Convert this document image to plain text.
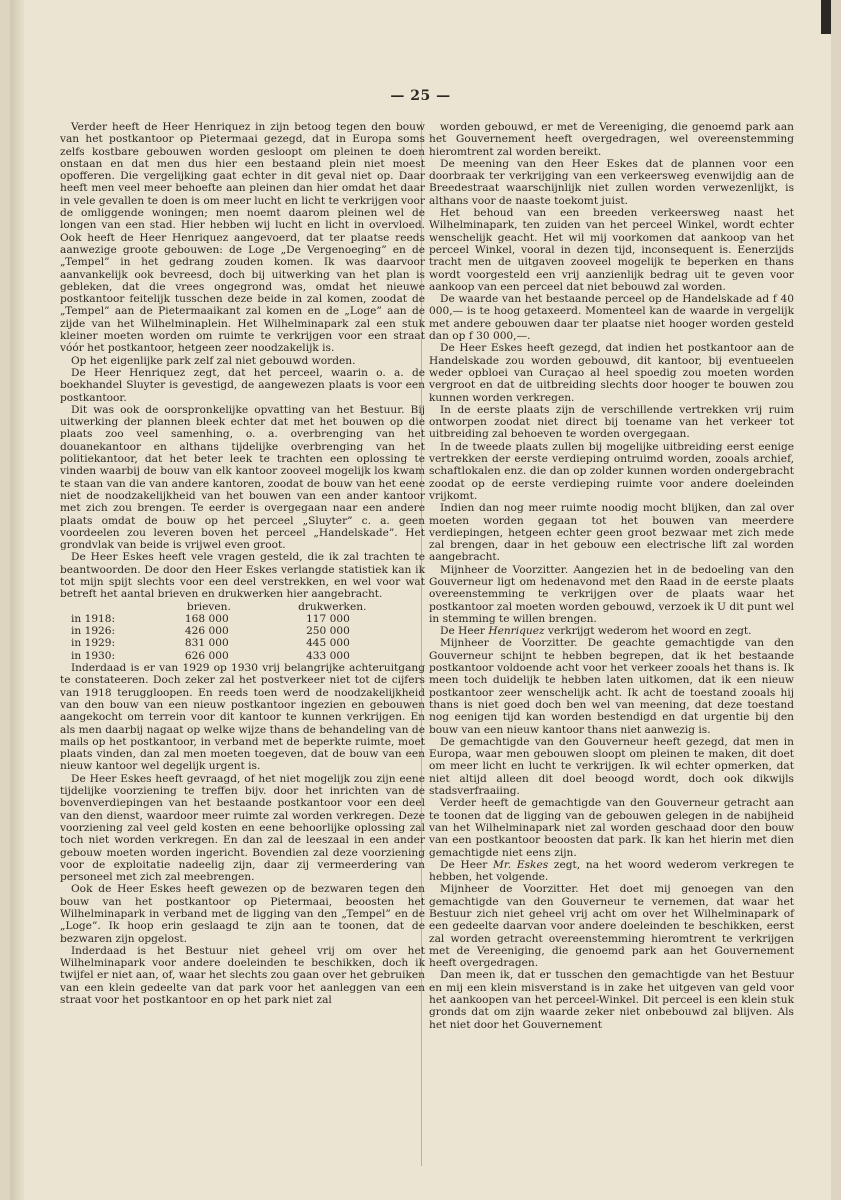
— 25 —

Verder heeft de Heer Henriquez in zijn betoog tegen den bouw van het postkantoor op Pietermaai gezegd, dat in Europa soms zelfs kostbare gebouwen worden gesloopt om pleinen te doen onstaan en dat men dus hier een bestaand plein niet moest opofferen. Die vergelijking gaat echter in dit geval niet op. Daar heeft men veel meer behoefte aan pleinen dan hier omdat het daar in vele gevallen te doen is om meer lucht en licht te verkrijgen voor de omliggende woningen; men noemt daarom pleinen wel de longen van een stad. Hier hebben wij lucht en licht in overvloed. Ook heeft de Heer Henriquez aangevoerd, dat ter plaatse reeds aanwezige groote gebouwen: de Loge „De Vergenoeging” en de „Tempel” in het gedrang zouden komen. Ik was daarvoor aanvankelijk ook bevreesd, doch bij uitwerking van het plan is gebleken, dat die vrees ongegrond was, omdat het nieuwe postkantoor feitelijk tusschen deze beide in zal komen, zoodat de „Tempel” aan de Pietermaaikant zal komen en de „Loge” aan de zijde van het Wilhelminaplein. Het Wilhelminapark zal een stuk kleiner moeten worden om ruimte te verkrijgen voor een straat vóór het postkantoor, hetgeen zeer noodzakelijk is.

Op het eigenlijke park zelf zal niet gebouwd worden.

De Heer Henriquez zegt, dat het perceel, waarin o. a. de boekhandel Sluyter is gevestigd, de aangewezen plaats is voor een postkantoor.

Dit was ook de oorspronkelijke opvatting van het Bestuur. Bij uitwerking der plannen bleek echter dat met het bouwen op die plaats zoo veel samenhing, o. a. overbrenging van het douanekantoor en althans tijdelijke overbrenging van het politiekantoor, dat het beter leek te trachten een oplossing te vinden waarbij de bouw van elk kantoor zooveel mogelijk los kwam te staan van die van andere kantoren, zoodat de bouw van het eene niet de noodzakelijkheid van het bouwen van een ander kantoor met zich zou brengen. Te eerder is overgegaan naar een andere plaats omdat de bouw op het perceel „Sluyter” c. a. geen voordeelen zou leveren boven het perceel „Handelskade”. Het grondvlak van beide is vrijwel even groot.

De Heer Eskes heeft vele vragen gesteld, die ik zal trachten te beantwoorden. De door den Heer Eskes verlangde statistiek kan ik tot mijn spijt slechts voor een deel verstrekken, en wel voor wat betreft het aantal brieven en drukwerken hier aangebracht.

	brieven.	drukwerken.
in 1918:	168 000	117 000
in 1926:	426 000	250 000
in 1929:	831 000	445 000
in 1930:	626 000	433 000

Inderdaad is er van 1929 op 1930 vrij belangrijke achteruitgang te constateeren. Doch zeker zal het postverkeer niet tot de cijfers van 1918 teruggloopen. En reeds toen werd de noodzakelijkheid van den bouw van een nieuw postkantoor ingezien en gebouwen aangekocht om terrein voor dit kantoor te kunnen verkrijgen. En als men daarbij nagaat op welke wijze thans de behandeling van de mails op het postkantoor, in verband met de beperkte ruimte, moet plaats vinden, dan zal men moeten toegeven, dat de bouw van een nieuw kantoor wel degelijk urgent is.

De Heer Eskes heeft gevraagd, of het niet mogelijk zou zijn eene tijdelijke voorziening te treffen bijv. door het inrichten van de bovenverdiepingen van het bestaande postkantoor voor een deel van den dienst, waardoor meer ruimte zal worden verkregen. Deze voorziening zal veel geld kosten en eene behoorlijke oplossing zal toch niet worden verkregen. En dan zal de leeszaal in een ander gebouw moeten worden ingericht. Bovendien zal deze voorziening voor de exploitatie nadeelig zijn, daar zij vermeerdering van personeel met zich zal meebrengen.

Ook de Heer Eskes heeft gewezen op de bezwaren tegen den bouw van het postkantoor op Pietermaai, beoosten het Wilhelminapark in verband met de ligging van den „Tempel” en de „Loge”. Ik hoop erin geslaagd te zijn aan te toonen, dat de bezwaren zijn opgelost.

Inderdaad is het Bestuur niet geheel vrij om over het Wilhelminapark voor andere doeleinden te beschikken, doch ik twijfel er niet aan, of, waar het slechts zou gaan over het gebruiken van een klein gedeelte van dat park voor het aanleggen van een straat voor het postkantoor en op het park niet zal

worden gebouwd, er met de Vereeniging, die genoemd park aan het Gouvernement heeft overgedragen, wel overeenstemming hieromtrent zal worden bereikt.

De meening van den Heer Eskes dat de plannen voor een doorbraak ter verkrijging van een verkeersweg evenwijdig aan de Breedestraat waarschijnlijk niet zullen worden verwezenlijkt, is althans voor de naaste toekomt juist.

Het behoud van een breeden verkeersweg naast het Wilhelminapark, ten zuiden van het perceel Winkel, wordt echter wenschelijk geacht. Het wil mij voorkomen dat aankoop van het perceel Winkel, vooral in dezen tijd, inconsequent is. Eenerzijds tracht men de uitgaven zooveel mogelijk te beperken en thans wordt voorgesteld een vrij aanzienlijk bedrag uit te geven voor aankoop van een perceel dat niet bebouwd zal worden.

De waarde van het bestaande perceel op de Handelskade ad f 40 000,— is te hoog getaxeerd. Momenteel kan de waarde in vergelijk met andere gebouwen daar ter plaatse niet hooger worden gesteld dan op f 30 000,—.

De Heer Eskes heeft gezegd, dat indien het postkantoor aan de Handelskade zou worden gebouwd, dit kantoor, bij eventueelen weder opbloei van Curaçao al heel spoedig zou moeten worden vergroot en dat de uitbreiding slechts door hooger te bouwen zou kunnen worden verkregen.

In de eerste plaats zijn de verschillende vertrekken vrij ruim ontworpen zoodat niet direct bij toename van het verkeer tot uitbreiding zal behoeven te worden overgegaan.

In de tweede plaats zullen bij mogelijke uitbreiding eerst eenige vertrekken der eerste verdieping ontruimd worden, zooals archief, schaftlokalen enz. die dan op zolder kunnen worden ondergebracht zoodat op de eerste verdieping ruimte voor andere doeleinden vrijkomt.

Indien dan nog meer ruimte noodig mocht blijken, dan zal over moeten worden gegaan tot het bouwen van meerdere verdiepingen, hetgeen echter geen groot bezwaar met zich mede zal brengen, daar in het gebouw een electrische lift zal worden aangebracht.

Mijnheer de Voorzitter. Aangezien het in de bedoeling van den Gouverneur ligt om hedenavond met den Raad in de eerste plaats overeenstemming te verkrijgen over de plaats waar het postkantoor zal moeten worden gebouwd, verzoek ik U dit punt wel in stemming te willen brengen.

De Heer Henriquez verkrijgt wederom het woord en zegt.

Mijnheer de Voorzitter. De geachte gemachtigde van den Gouverneur schijnt te hebben begrepen, dat ik het bestaande postkantoor voldoende acht voor het verkeer zooals het thans is. Ik meen toch duidelijk te hebben laten uitkomen, dat ik een nieuw postkantoor zeer wenschelijk acht. Ik acht de toestand zooals hij thans is niet goed doch ben wel van meening, dat deze toestand nog eenigen tijd kan worden bestendigd en dat urgentie bij den bouw van een nieuw kantoor thans niet aanwezig is.

De gemachtigde van den Gouverneur heeft gezegd, dat men in Europa, waar men gebouwen sloopt om pleinen te maken, dit doet om meer licht en lucht te verkrijgen. Ik wil echter opmerken, dat niet altijd alleen dit doel beoogd wordt, doch ook dikwijls stadsverfraaiing.

Verder heeft de gemachtigde van den Gouverneur getracht aan te toonen dat de ligging van de gebouwen gelegen in de nabijheid van het Wilhelminapark niet zal worden geschaad door den bouw van een postkantoor beoosten dat park. Ik kan het hierin met dien gemachtigde niet eens zijn.

De Heer Mr. Eskes zegt, na het woord wederom verkregen te hebben, het volgende.

Mijnheer de Voorzitter. Het doet mij genoegen van den gemachtigde van den Gouverneur te vernemen, dat waar het Bestuur zich niet geheel vrij acht om over het Wilhelminapark of een gedeelte daarvan voor andere doeleinden te beschikken, eerst zal worden getracht overeenstemming hieromtrent te verkrijgen met de Vereeniging, die genoemd park aan het Gouvernement heeft overgedragen.

Dan meen ik, dat er tusschen den gemachtigde van het Bestuur en mij een klein misverstand is in zake het uitgeven van geld voor het aankoopen van het perceel-Winkel. Dit perceel is een klein stuk gronds dat om zijn waarde zeker niet onbebouwd zal blijven. Als het niet door het Gouvernement
